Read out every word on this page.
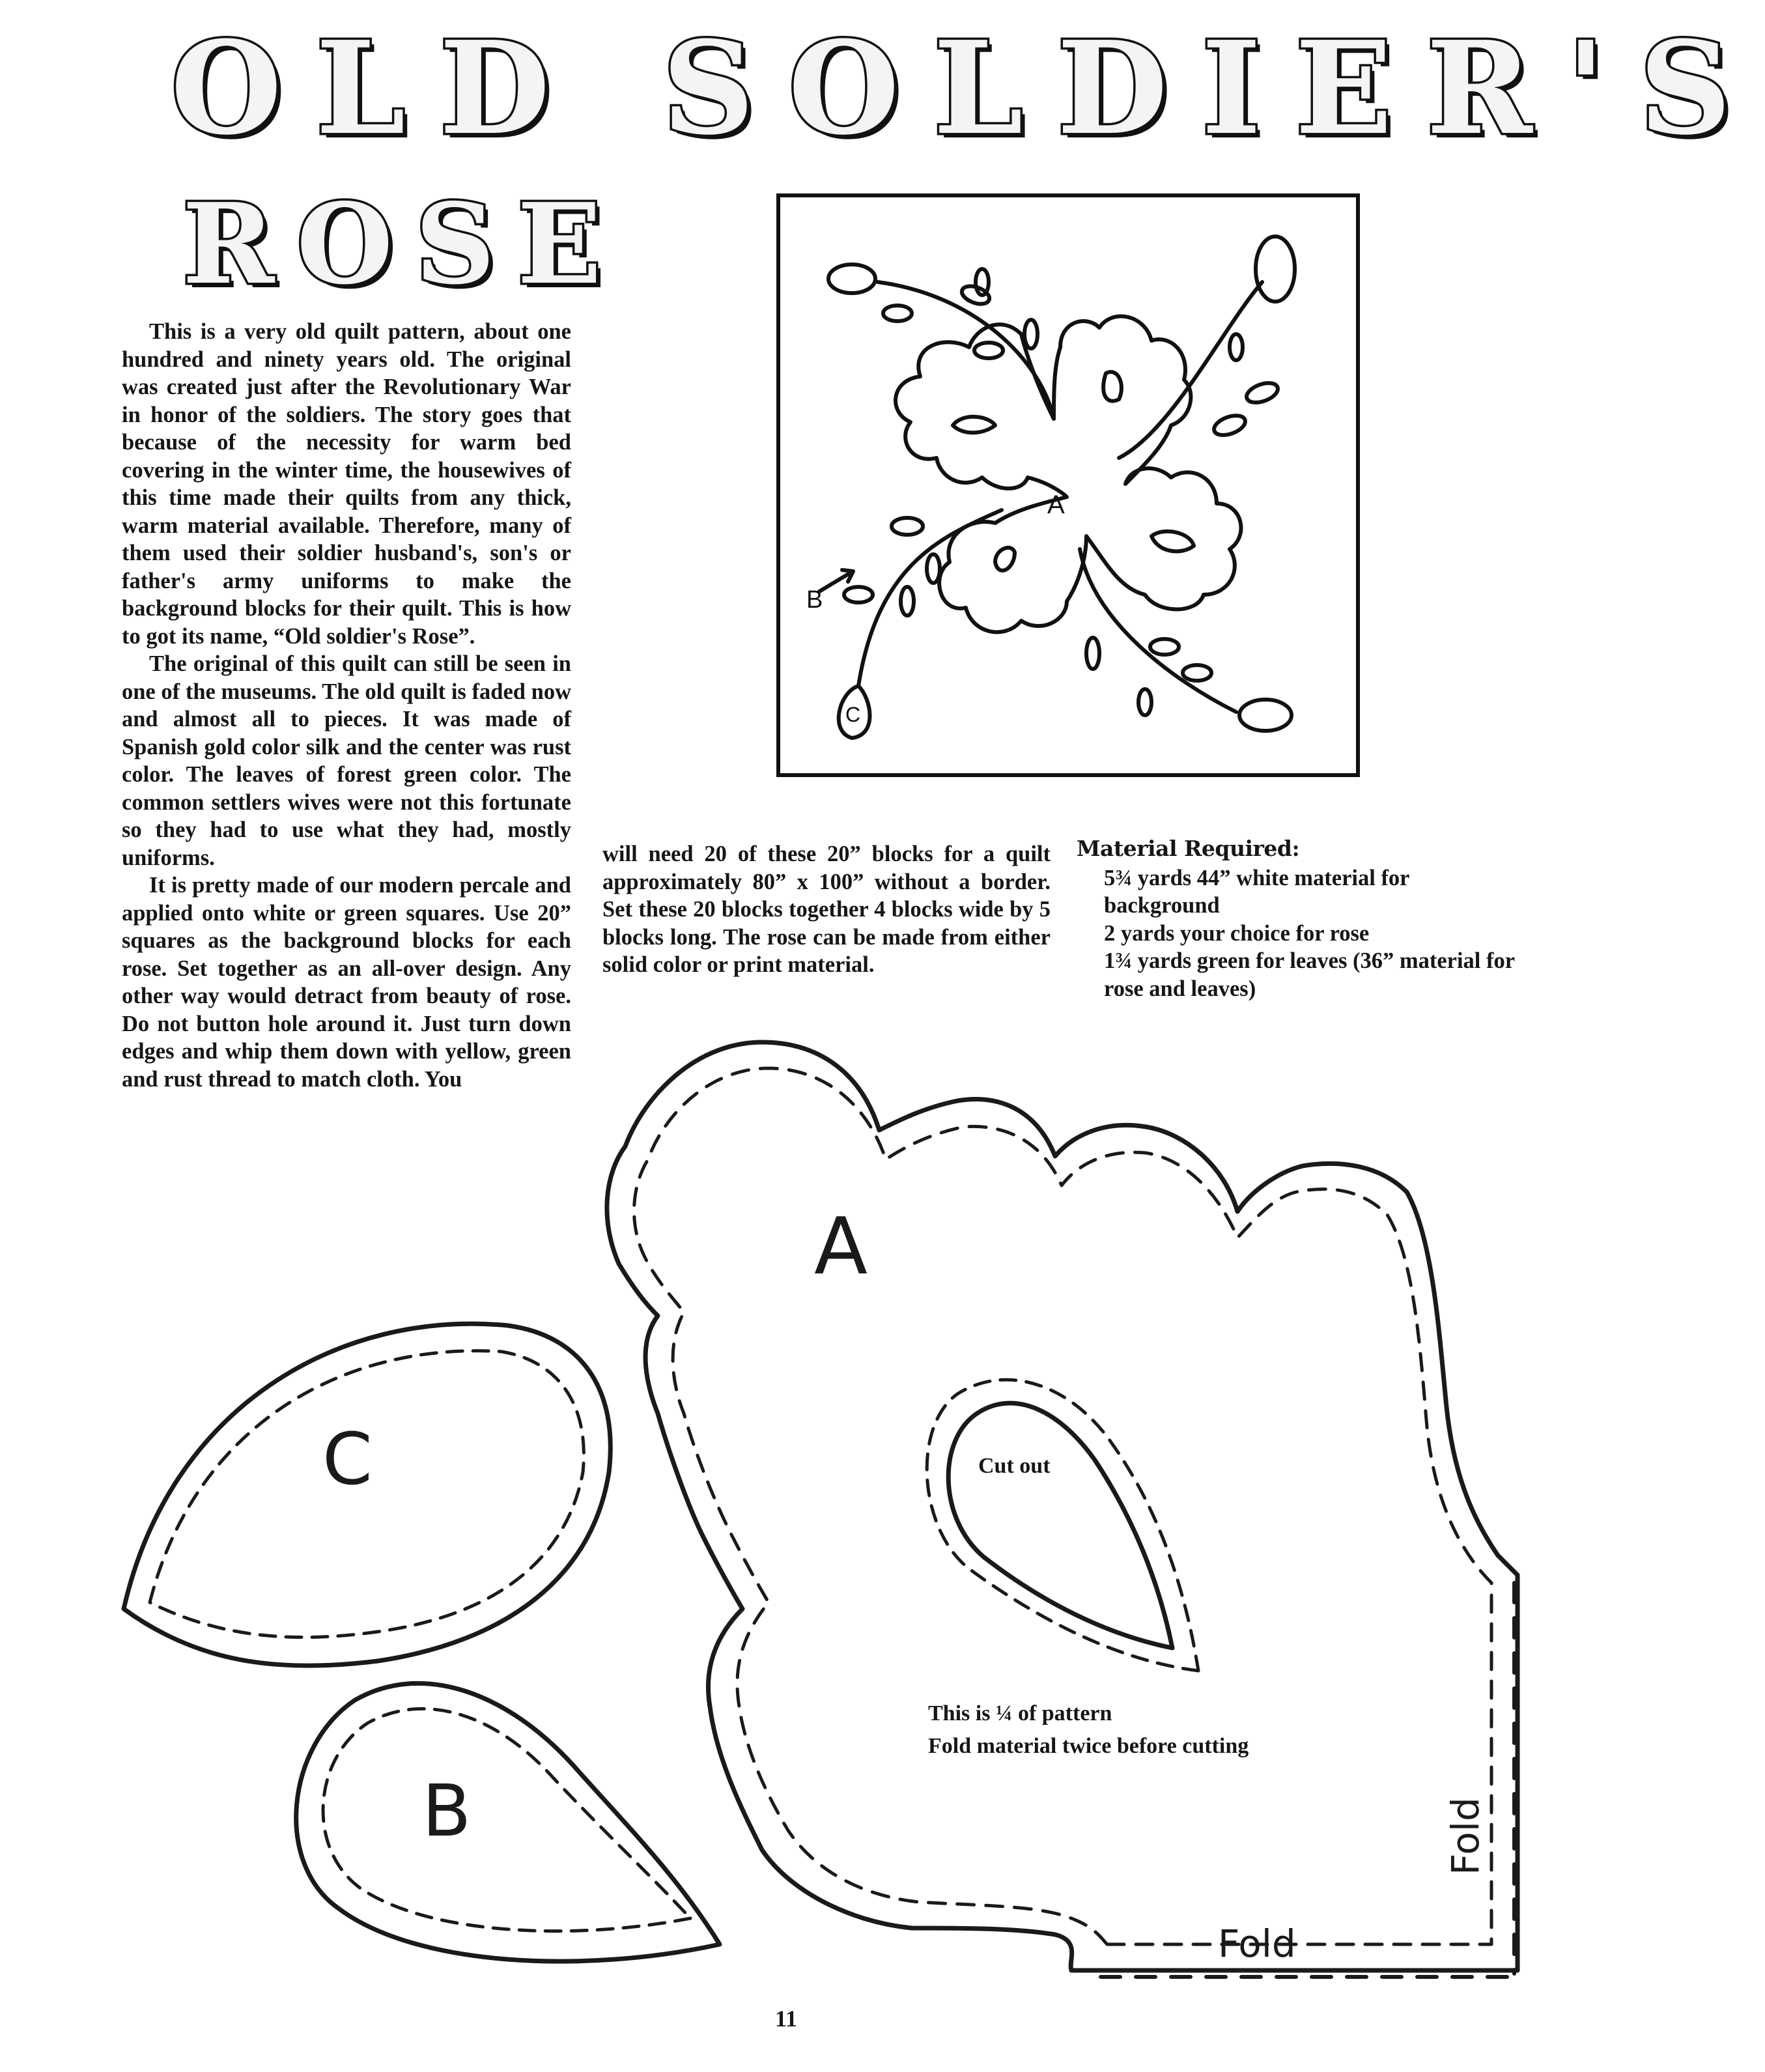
OLD SOLDIER'S
ROSE

This is a very old quilt pattern, about one hundred and ninety years old. The original was created just after the Revolutionary War in honor of the soldiers. The story goes that because of the necessity for warm bed covering in the winter time, the housewives of this time made their quilts from any thick, warm material available. Therefore, many of them used their soldier husband's, son's or father's army uniforms to make the background blocks for their quilt. This is how to got its name, “Old soldier's Rose”.

The original of this quilt can still be seen in one of the museums. The old quilt is faded now and almost all to pieces. It was made of Spanish gold color silk and the center was rust color. The leaves of forest green color. The common settlers wives were not this fortunate so they had to use what they had, mostly uniforms.

It is pretty made of our modern percale and applied onto white or green squares. Use 20” squares as the background blocks for each rose. Set together as an all-over design. Any other way would detract from beauty of rose. Do not button hole around it. Just turn down edges and whip them down with yellow, green and rust thread to match cloth. You

will need 20 of these 20” blocks for a quilt approximately 80” x 100” without a border. Set these 20 blocks together 4 blocks wide by 5 blocks long. The rose can be made from either solid color or print material.

Material Required:
5¾ yards 44” white material for background
2 yards your choice for rose
1¾ yards green for leaves (36” material for rose and leaves)
A
B
C
A
C
B
Fold
Fold
Cut out
This is ¼ of pattern
Fold material twice before cutting
11
